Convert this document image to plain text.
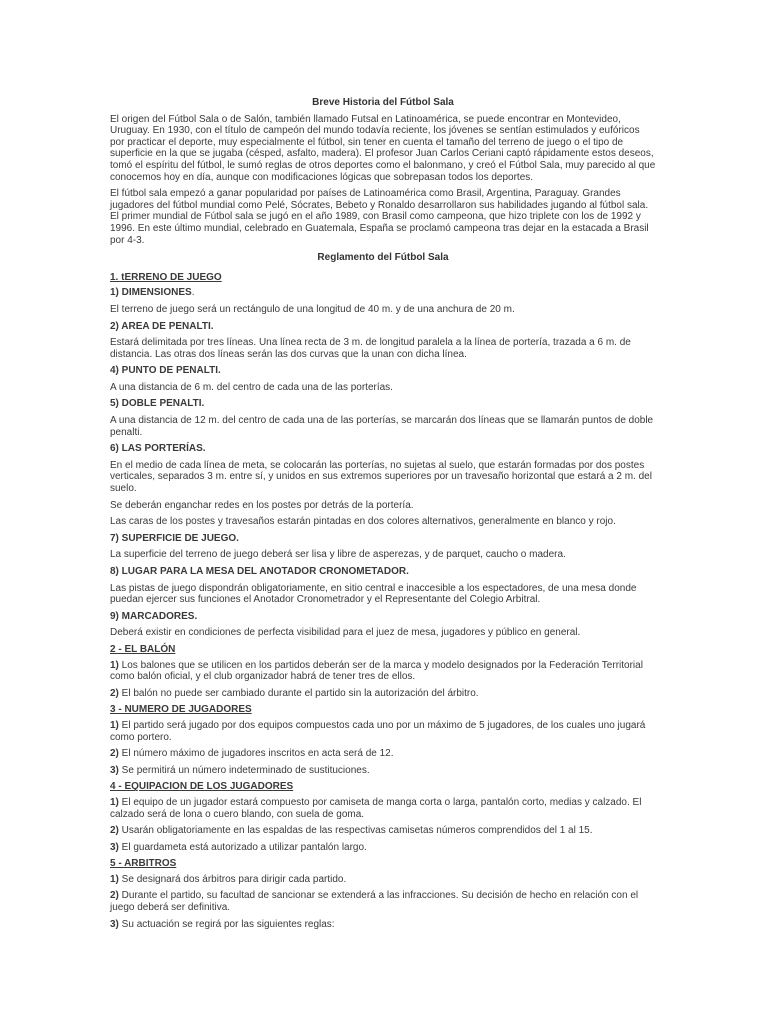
Breve Historia del Fútbol Sala

El origen del Fútbol Sala o de Salón, también llamado Futsal en Latinoamérica, se puede encontrar en Montevideo, Uruguay. En 1930, con el título de campeón del mundo todavía reciente, los jóvenes se sentían estimulados y eufóricos por practicar el deporte, muy especialmente el fútbol, sin tener en cuenta el tamaño del terreno de juego o el tipo de superficie en la que se jugaba (césped, asfalto, madera). El profesor Juan Carlos Ceriani captó rápidamente estos deseos, tomó el espíritu del fútbol, le sumó reglas de otros deportes como el balonmano, y creó el Fútbol Sala, muy parecido al que conocemos hoy en día, aunque con modificaciones lógicas que sobrepasan todos los deportes.

El fútbol sala empezó a ganar popularidad por países de Latinoamérica como Brasil, Argentina, Paraguay. Grandes jugadores del fútbol mundial como Pelé, Sócrates, Bebeto y Ronaldo desarrollaron sus habilidades jugando al fútbol sala. El primer mundial de Fútbol sala se jugó en el año 1989, con Brasil como campeona, que hizo triplete con los de 1992 y 1996. En este último mundial, celebrado en Guatemala, España se proclamó campeona tras dejar en la estacada a Brasil por 4-3.

Reglamento del Fútbol Sala
1. tERRENO DE JUEGO
1) DIMENSIONES.

El terreno de juego será un rectángulo de una longitud de 40 m. y de una anchura de 20 m.

2) AREA DE PENALTI.

Estará delimitada por tres líneas. Una línea recta de 3 m. de longitud paralela a la línea de portería, trazada a 6 m. de distancia. Las otras dos líneas serán las dos curvas que la unan con dicha línea.

4) PUNTO DE PENALTI.

A una distancia de 6 m. del centro de cada una de las porterías.

5) DOBLE PENALTI.

A una distancia de 12 m. del centro de cada una de las porterías, se marcarán dos líneas que se llamarán puntos de doble penalti.

6) LAS PORTERÍAS.

En el medio de cada línea de meta, se colocarán las porterías, no sujetas al suelo, que estarán formadas por dos postes verticales, separados 3 m. entre sí, y unidos en sus extremos superiores por un travesaño horizontal que estará a 2 m. del suelo.

Se deberán enganchar redes en los postes por detrás de la portería.

Las caras de los postes y travesaños estarán pintadas en dos colores alternativos, generalmente en blanco y rojo.

7) SUPERFICIE DE JUEGO.

La superficie del terreno de juego deberá ser lisa y libre de asperezas, y de parquet, caucho o madera.

8) LUGAR PARA LA MESA DEL ANOTADOR CRONOMETADOR.

Las pistas de juego dispondrán obligatoriamente, en sitio central e inaccesible a los espectadores, de una mesa donde puedan ejercer sus funciones el Anotador Cronometrador y el Representante del Colegio Arbitral.

9) MARCADORES.

Deberá existir en condiciones de perfecta visibilidad para el juez de mesa, jugadores y público en general.

2 - EL BALÓN

1) Los balones que se utilicen en los partidos deberán ser de la marca y modelo designados por la Federación Territorial como balón oficial, y el club organizador habrá de tener tres de ellos.

2) El balón no puede ser cambiado durante el partido sin la autorización del árbitro.

3 - NUMERO DE JUGADORES

1) El partido será jugado por dos equipos compuestos cada uno por un máximo de 5 jugadores, de los cuales uno jugará como portero.

2) El número máximo de jugadores inscritos en acta será de 12.

3) Se permitirá un número indeterminado de sustituciones.

4 - EQUIPACION DE LOS JUGADORES

1) El equipo de un jugador estará compuesto por camiseta de manga corta o larga, pantalón corto, medias y calzado. El calzado será de lona o cuero blando, con suela de goma.

2) Usarán obligatoriamente en las espaldas de las respectivas camisetas números comprendidos del 1 al 15.

3) El guardameta está autorizado a utilizar pantalón largo.

5 - ARBITROS

1) Se designará dos árbitros para dirigir cada partido.

2) Durante el partido, su facultad de sancionar se extenderá a las infracciones. Su decisión de hecho en relación con el juego deberá ser definitiva.

3) Su actuación se regirá por las siguientes reglas:
